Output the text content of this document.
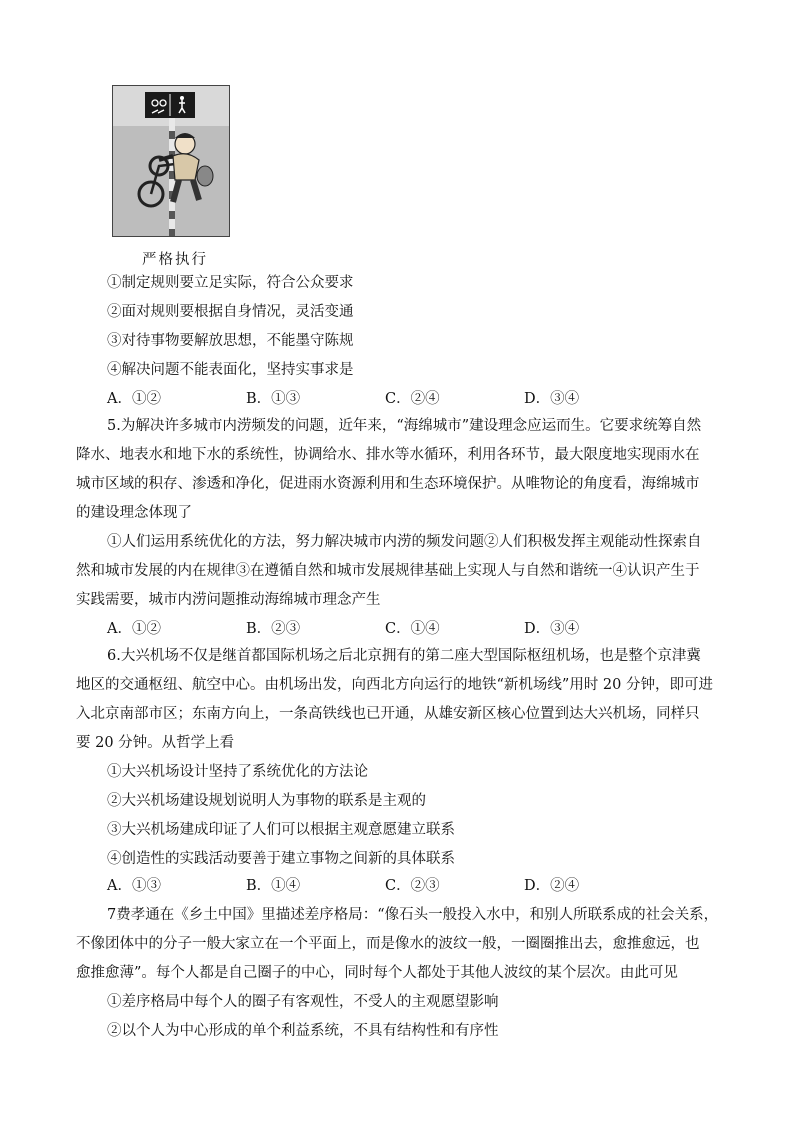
严格执行
①制定规则要立足实际，符合公众要求
②面对规则要根据自身情况，灵活变通
③对待事物要解放思想，不能墨守陈规
④解决问题不能表面化，坚持实事求是
A．①②	B．①③	C．②④	D．③④
5.为解决许多城市内涝频发的问题，近年来，“海绵城市”建设理念应运而生。它要求统筹自然
降水、地表水和地下水的系统性，协调给水、排水等水循环，利用各环节，最大限度地实现雨水在
城市区域的积存、渗透和净化，促进雨水资源利用和生态环境保护。从唯物论的角度看，海绵城市
的建设理念体现了
①人们运用系统优化的方法，努力解决城市内涝的频发问题②人们积极发挥主观能动性探索自
然和城市发展的内在规律③在遵循自然和城市发展规律基础上实现人与自然和谐统一④认识产生于
实践需要，城市内涝问题推动海绵城市理念产生
A．①②	B．②③	C．①④	D．③④
6.大兴机场不仅是继首都国际机场之后北京拥有的第二座大型国际枢纽机场，也是整个京津冀
地区的交通枢纽、航空中心。由机场出发，向西北方向运行的地铁“新机场线”用时 20 分钟，即可进
入北京南部市区；东南方向上，一条高铁线也已开通，从雄安新区核心位置到达大兴机场，同样只
要 20 分钟。从哲学上看
①大兴机场设计坚持了系统优化的方法论
②大兴机场建设规划说明人为事物的联系是主观的
③大兴机场建成印证了人们可以根据主观意愿建立联系
④创造性的实践活动要善于建立事物之间新的具体联系
A．①③	B．①④	C．②③	D．②④
7费孝通在《乡土中国》里描述差序格局：“像石头一般投入水中，和别人所联系成的社会关系，
不像团体中的分子一般大家立在一个平面上，而是像水的波纹一般，一圈圈推出去，愈推愈远，也
愈推愈薄”。每个人都是自己圈子的中心，同时每个人都处于其他人波纹的某个层次。由此可见
①差序格局中每个人的圈子有客观性，不受人的主观愿望影响
②以个人为中心形成的单个利益系统，不具有结构性和有序性
